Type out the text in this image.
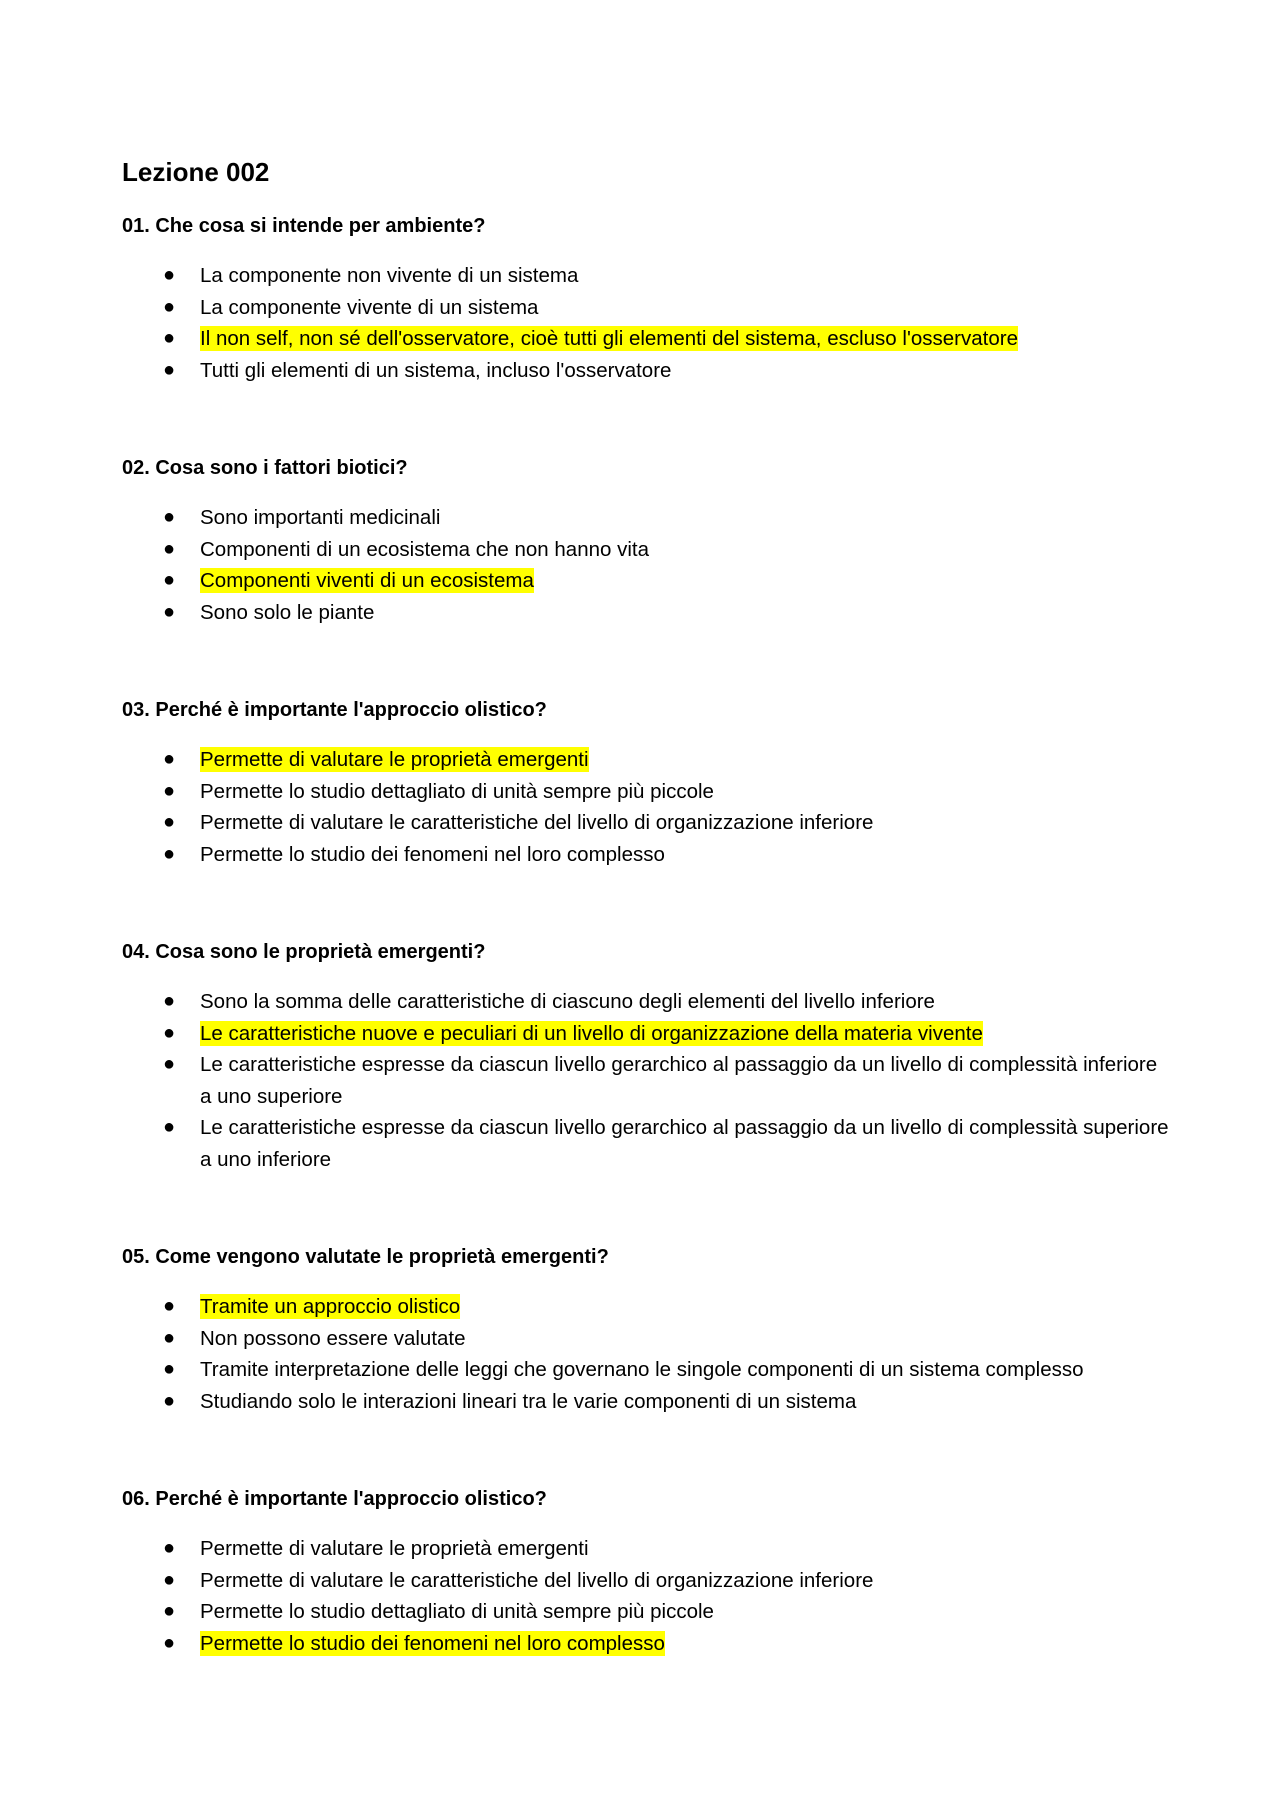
Lezione 002
01. Che cosa si intende per ambiente?
● La componente non vivente di un sistema
● La componente vivente di un sistema
● Il non self, non sé dell'osservatore, cioè tutti gli elementi del sistema, escluso l'osservatore
● Tutti gli elementi di un sistema, incluso l'osservatore
02. Cosa sono i fattori biotici?
● Sono importanti medicinali
● Componenti di un ecosistema che non hanno vita
● Componenti viventi di un ecosistema
● Sono solo le piante
03. Perché è importante l'approccio olistico?
● Permette di valutare le proprietà emergenti
● Permette lo studio dettagliato di unità sempre più piccole
● Permette di valutare le caratteristiche del livello di organizzazione inferiore
● Permette lo studio dei fenomeni nel loro complesso
04. Cosa sono le proprietà emergenti?
● Sono la somma delle caratteristiche di ciascuno degli elementi del livello inferiore
● Le caratteristiche nuove e peculiari di un livello di organizzazione della materia vivente
● Le caratteristiche espresse da ciascun livello gerarchico al passaggio da un livello di complessità inferiore a uno superiore
● Le caratteristiche espresse da ciascun livello gerarchico al passaggio da un livello di complessità superiore a uno inferiore
05. Come vengono valutate le proprietà emergenti?
● Tramite un approccio olistico
● Non possono essere valutate
● Tramite interpretazione delle leggi che governano le singole componenti di un sistema complesso
● Studiando solo le interazioni lineari tra le varie componenti di un sistema
06. Perché è importante l'approccio olistico?
● Permette di valutare le proprietà emergenti
● Permette di valutare le caratteristiche del livello di organizzazione inferiore
● Permette lo studio dettagliato di unità sempre più piccole
● Permette lo studio dei fenomeni nel loro complesso
